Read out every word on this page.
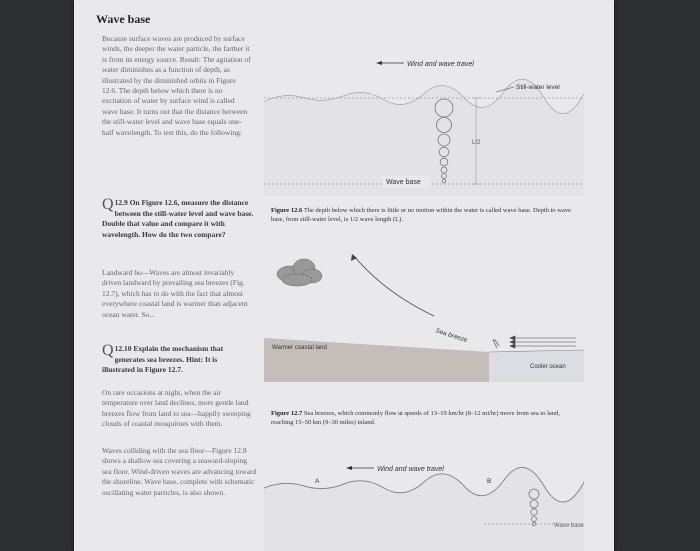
Wave base
Because surface waves are produced by surface winds, the deeper the water particle, the farther it is from its energy source. Result: The agitation of water diminishes as a function of depth, as illustrated by the diminished orbits in Figure 12.6. The depth below which there is no excitation of water by surface wind is called wave base. It turns out that the distance between the still-water level and wave base equals one-half wavelength. To test this, do the following:
Q 12.9 On Figure 12.6, measure the distance between the still-water level and wave base. Double that value and compare it with wavelength. How do the two compare?
Landward ho—Waves are almost invariably driven landward by prevailing sea breezes (Fig. 12.7), which has to do with the fact that almost everywhere coastal land is warmer than adjacent ocean water. So...
Q 12.10 Explain the mechanism that generates sea breezes. Hint: It is illustrated in Figure 12.7.
On rare occasions at night, when the air temperature over land declines, more gentle land breezes flow from land to sea—happily sweeping clouds of coastal mosquitoes with them.
Waves colliding with the sea floor—Figure 12.8 shows a shallow sea covering a seaward-sloping sea floor. Wind-driven waves are advancing toward the shoreline. Wave base, complete with schematic oscillating water particles, is also shown.
Wind and wave travel
Still-water level
L/2
Wave base
Figure 12.6 The depth below which there is little or no motion within the water is called wave base. Depth to wave base, from still-water level, is 1/2 wave length (L).
Sea breeze
Warmer coastal land
Cooler ocean
Figure 12.7 Sea breezes, which commonly flow at speeds of 13–19 km/hr (8–12 mi/hr) move from sea to land, reaching 15–50 km (9–30 miles) inland.
Wind and wave travel
A	B
Wave base
